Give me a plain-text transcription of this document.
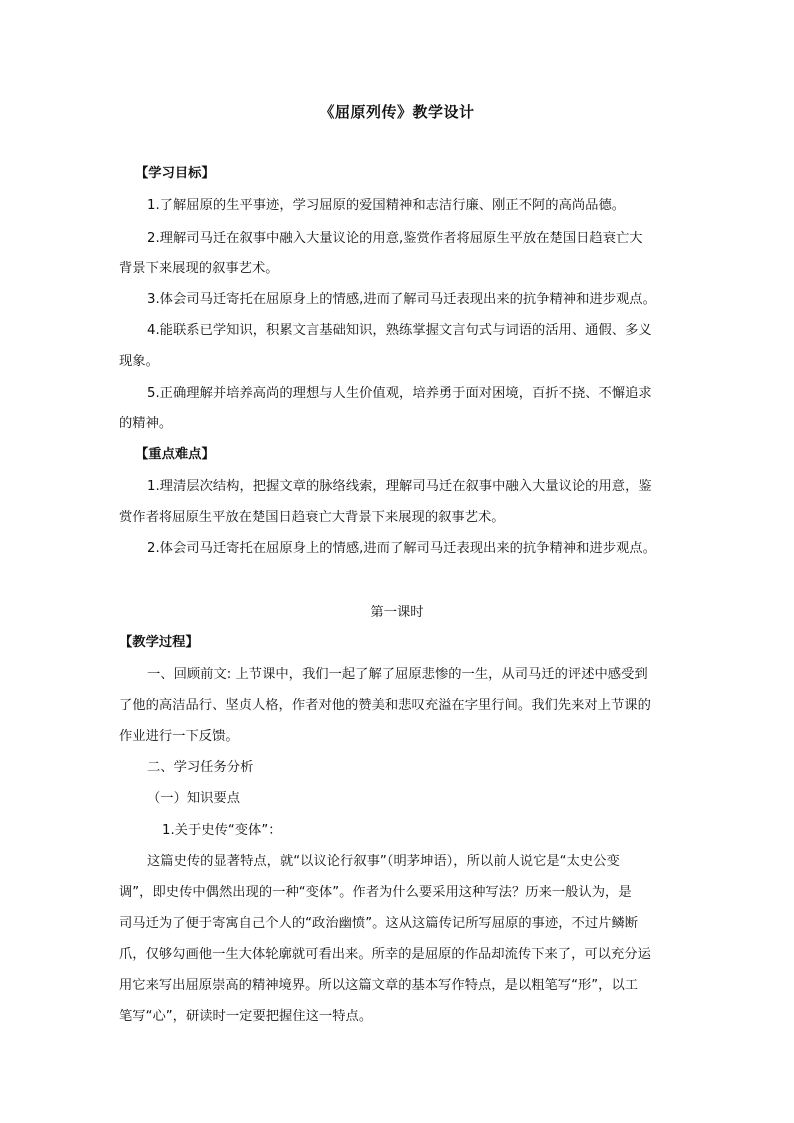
《屈原列传》教学设计
【学习目标】
1.了解屈原的生平事迹，学习屈原的爱国精神和志洁行廉、刚正不阿的高尚品德。
2.理解司马迁在叙事中融入大量议论的用意,鉴赏作者将屈原生平放在楚国日趋衰亡大
背景下来展现的叙事艺术。
3.体会司马迁寄托在屈原身上的情感,进而了解司马迁表现出来的抗争精神和进步观点。
4.能联系已学知识，积累文言基础知识，熟练掌握文言句式与词语的活用、通假、多义
现象。
5.正确理解并培养高尚的理想与人生价值观，培养勇于面对困境，百折不挠、不懈追求
的精神。
【重点难点】
1.理清层次结构，把握文章的脉络线索，理解司马迁在叙事中融入大量议论的用意，鉴
赏作者将屈原生平放在楚国日趋衰亡大背景下来展现的叙事艺术。
2.体会司马迁寄托在屈原身上的情感,进而了解司马迁表现出来的抗争精神和进步观点。
第一课时
【教学过程】
一、回顾前文: 上节课中，我们一起了解了屈原悲惨的一生，从司马迁的评述中感受到
了他的高洁品行、坚贞人格，作者对他的赞美和悲叹充溢在字里行间。我们先来对上节课的
作业进行一下反馈。
二、学习任务分析
（一）知识要点
1.关于史传“变体”：
这篇史传的显著特点，就“以议论行叙事”（明茅坤语），所以前人说它是“太史公变
调”，即史传中偶然出现的一种“变体”。作者为什么要采用这种写法？历来一般认为，是
司马迁为了便于寄寓自己个人的“政治幽愤”。这从这篇传记所写屈原的事迹，不过片鳞断
爪，仅够勾画他一生大体轮廓就可看出来。所幸的是屈原的作品却流传下来了，可以充分运
用它来写出屈原崇高的精神境界。所以这篇文章的基本写作特点，是以粗笔写“形”，以工
笔写“心”，研读时一定要把握住这一特点。
